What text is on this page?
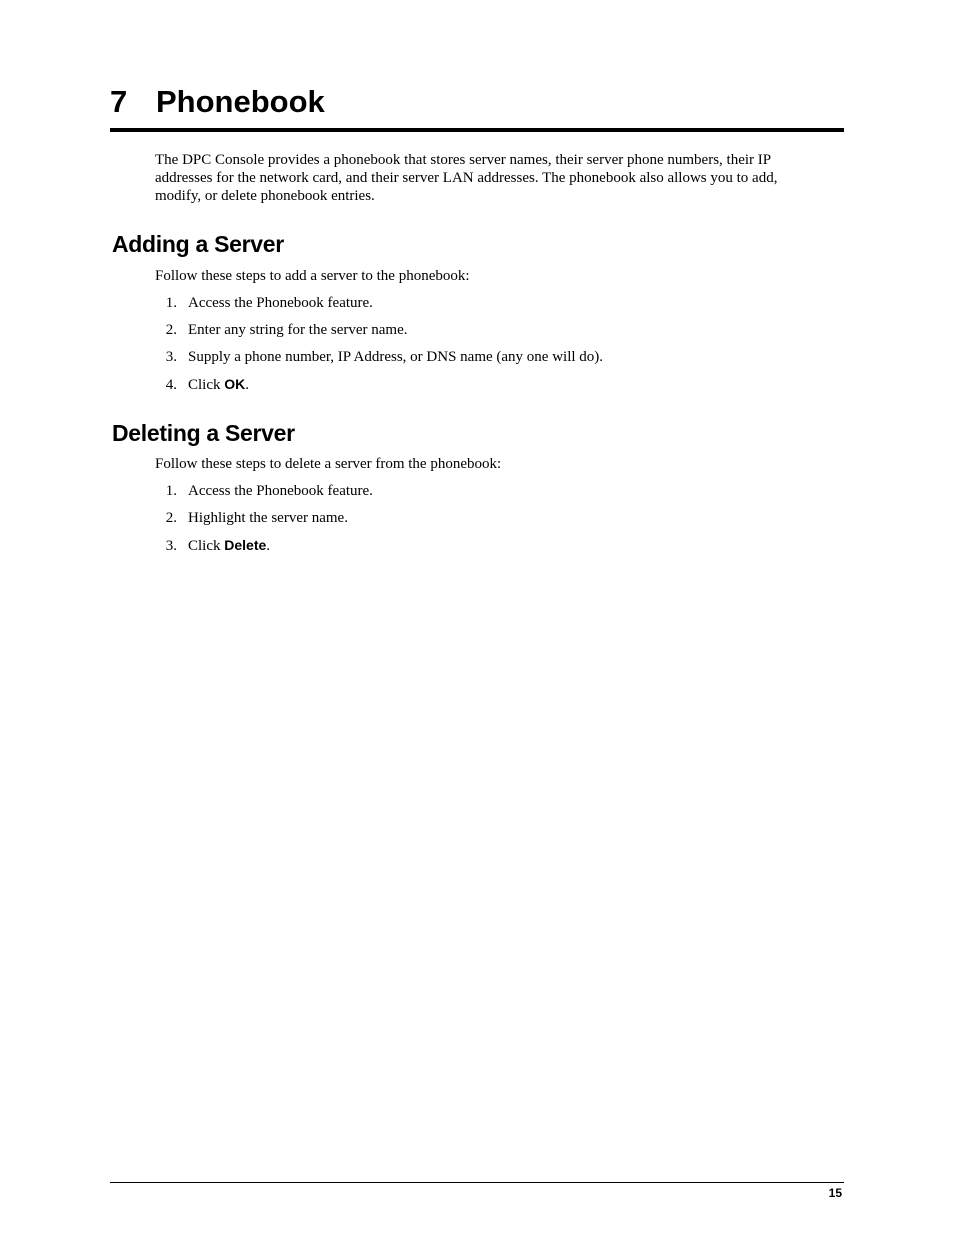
7 Phonebook

The DPC Console provides a phonebook that stores server names, their server phone numbers, their IP addresses for the network card, and their server LAN addresses. The phonebook also allows you to add, modify, or delete phonebook entries.

Adding a Server

Follow these steps to add a server to the phonebook:

1. Access the Phonebook feature.
2. Enter any string for the server name.
3. Supply a phone number, IP Address, or DNS name (any one will do).
4. Click OK.
Deleting a Server

Follow these steps to delete a server from the phonebook:

1. Access the Phonebook feature.
2. Highlight the server name.
3. Click Delete.
15
